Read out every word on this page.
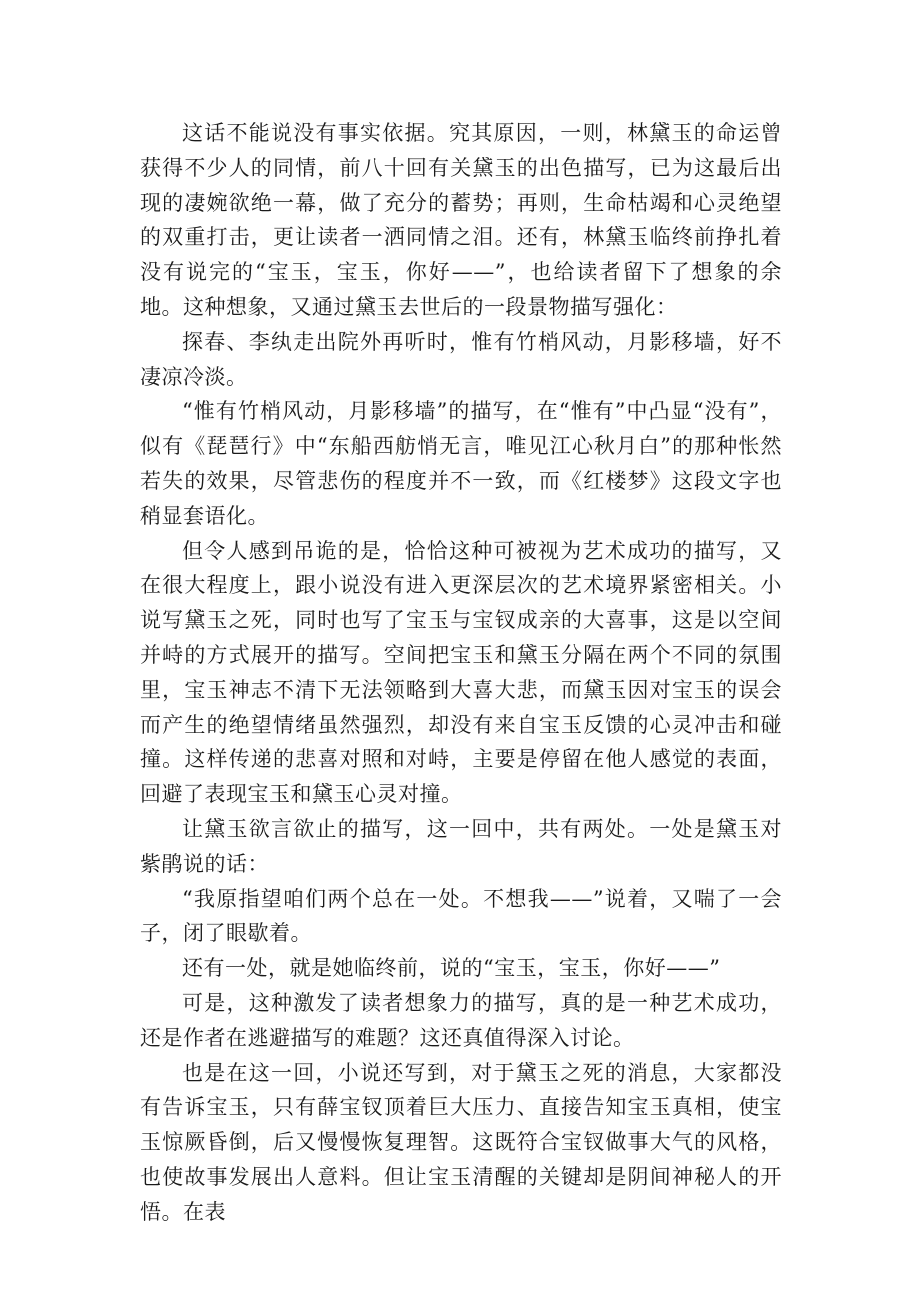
这话不能说没有事实依据。究其原因，一则，林黛玉的命运曾获得不少人的同情，前八十回有关黛玉的出色描写，已为这最后出现的凄婉欲绝一幕，做了充分的蓄势；再则，生命枯竭和心灵绝望的双重打击，更让读者一洒同情之泪。还有，林黛玉临终前挣扎着没有说完的“宝玉，宝玉，你好——”，也给读者留下了想象的余地。这种想象，又通过黛玉去世后的一段景物描写强化：

探春、李纨走出院外再听时，惟有竹梢风动，月影移墙，好不凄凉冷淡。

“惟有竹梢风动，月影移墙”的描写，在“惟有”中凸显“没有”，似有《琵琶行》中“东船西舫悄无言，唯见江心秋月白”的那种怅然若失的效果，尽管悲伤的程度并不一致，而《红楼梦》这段文字也稍显套语化。

但令人感到吊诡的是，恰恰这种可被视为艺术成功的描写，又在很大程度上，跟小说没有进入更深层次的艺术境界紧密相关。小说写黛玉之死，同时也写了宝玉与宝钗成亲的大喜事，这是以空间并峙的方式展开的描写。空间把宝玉和黛玉分隔在两个不同的氛围里，宝玉神志不清下无法领略到大喜大悲，而黛玉因对宝玉的误会而产生的绝望情绪虽然强烈，却没有来自宝玉反馈的心灵冲击和碰撞。这样传递的悲喜对照和对峙，主要是停留在他人感觉的表面，回避了表现宝玉和黛玉心灵对撞。

让黛玉欲言欲止的描写，这一回中，共有两处。一处是黛玉对紫鹃说的话：

“我原指望咱们两个总在一处。不想我——”说着，又喘了一会子，闭了眼歇着。

还有一处，就是她临终前，说的“宝玉，宝玉，你好——”

可是，这种激发了读者想象力的描写，真的是一种艺术成功，还是作者在逃避描写的难题？这还真值得深入讨论。

也是在这一回，小说还写到，对于黛玉之死的消息，大家都没有告诉宝玉，只有薛宝钗顶着巨大压力、直接告知宝玉真相，使宝玉惊厥昏倒，后又慢慢恢复理智。这既符合宝钗做事大气的风格，也使故事发展出人意料。但让宝玉清醒的关键却是阴间神秘人的开悟。在表
